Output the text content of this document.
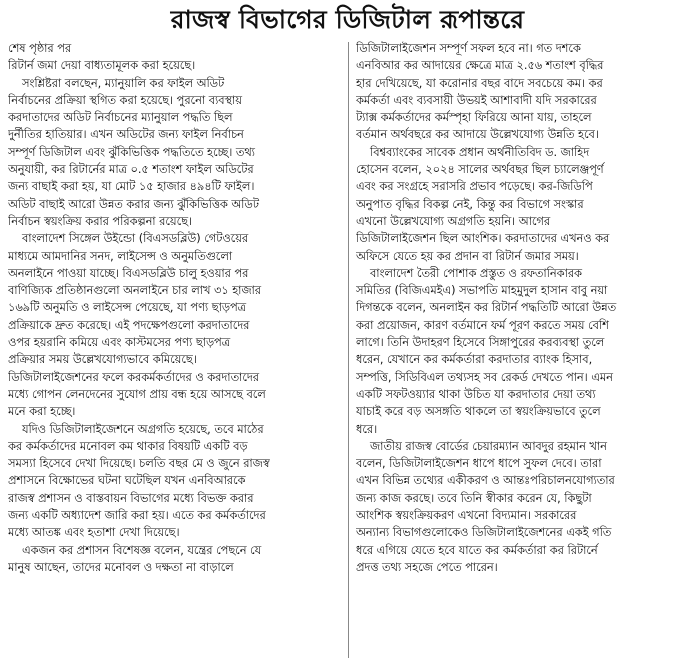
রাজস্ব বিভাগের ডিজিটাল রূপান্তরে
শেষ পৃষ্ঠার পর
রিটার্ন জমা দেয়া বাধ্যতামূলক করা হয়েছে।
সংশ্লিষ্টরা বলছেন, ম্যানুয়ালি কর ফাইল অডিট
নির্বাচনের প্রক্রিয়া স্থগিত করা হয়েছে। পুরনো ব্যবস্থায়
করদাতাদের অডিট নির্বাচনের ম্যানুয়াল পদ্ধতি ছিল
দুর্নীতির হাতিয়ার। এখন অডিটের জন্য ফাইল নির্বাচন
সম্পূর্ণ ডিজিটাল এবং ঝুঁকিভিত্তিক পদ্ধতিতে হচ্ছে। তথ্য
অনুযায়ী, কর রিটার্নের মাত্র ০.৫ শতাংশ ফাইল অডিটের
জন্য বাছাই করা হয়, যা মোট ১৫ হাজার ৪৯৪টি ফাইল।
অডিট বাছাই আরো উন্নত করার জন্য ঝুঁকিভিত্তিক অডিট
নির্বাচন স্বয়ংক্রিয় করার পরিকল্পনা রয়েছে।
বাংলাদেশ সিঙ্গেল উইন্ডো (বিএসডব্লিউ) গেটওয়ের
মাধ্যমে আমদানির সনদ, লাইসেন্স ও অনুমতিগুলো
অনলাইনে পাওয়া যাচ্ছে। বিএসডব্লিউ চালু হওয়ার পর
বাণিজ্যিক প্রতিষ্ঠানগুলো অনলাইনে চার লাখ ৩১ হাজার
১৬৯টি অনুমতি ও লাইসেন্স পেয়েছে, যা পণ্য ছাড়পত্র
প্রক্রিয়াকে দ্রুত করেছে। এই পদক্ষেপগুলো করদাতাদের
ওপর হয়রানি কমিয়ে এবং কাস্টমসের পণ্য ছাড়পত্র
প্রক্রিয়ার সময় উল্লেখযোগ্যভাবে কমিয়েছে।
ডিজিটালাইজেশনের ফলে করকর্মকর্তাদের ও করদাতাদের
মধ্যে গোপন লেনদেনের সুযোগ প্রায় বন্ধ হয়ে আসছে বলে
মনে করা হচ্ছে।
যদিও ডিজিটালাইজেশনে অগ্রগতি হয়েছে, তবে মাঠের
কর কর্মকর্তাদের মনোবল কম থাকার বিষয়টি একটি বড়
সমস্যা হিসেবে দেখা দিয়েছে। চলতি বছর মে ও জুনে রাজস্ব
প্রশাসনে বিক্ষোভের ঘটনা ঘটেছিল যখন এনবিআরকে
রাজস্ব প্রশাসন ও বাস্তবায়ন বিভাগের মধ্যে বিভক্ত করার
জন্য একটি অধ্যাদেশ জারি করা হয়। এতে কর কর্মকর্তাদের
মধ্যে আতঙ্ক এবং হতাশা দেখা দিয়েছে।
একজন কর প্রশাসন বিশেষজ্ঞ বলেন, যন্ত্রের পেছনে যে
মানুষ আছেন, তাদের মনোবল ও দক্ষতা না বাড়ালে
ডিজিটালাইজেশন সম্পূর্ণ সফল হবে না। গত দশকে
এনবিআর কর আদায়ের ক্ষেত্রে মাত্র ২.৫৬ শতাংশ বৃদ্ধির
হার দেখিয়েছে, যা করোনার বছর বাদে সবচেয়ে কম। কর
কর্মকর্তা এবং ব্যবসায়ী উভয়ই আশাবাদী যদি সরকারের
ট্যাক্স কর্মকর্তাদের কর্মস্পৃহা ফিরিয়ে আনা যায়, তাহলে
বর্তমান অর্থবছরে কর আদায়ে উল্লেখযোগ্য উন্নতি হবে।
বিশ্বব্যাংকের সাবেক প্রধান অর্থনীতিবিদ ড. জাহিদ
হোসেন বলেন, ২০২৪ সালের অর্থবছর ছিল চ্যালেঞ্জপূর্ণ
এবং কর সংগ্রহে সরাসরি প্রভাব পড়েছে। কর-জিডিপি
অনুপাত বৃদ্ধির বিকল্প নেই, কিন্তু কর বিভাগে সংস্কার
এখনো উল্লেখযোগ্য অগ্রগতি হয়নি। আগের
ডিজিটালাইজেশন ছিল আংশিক। করদাতাদের এখনও কর
অফিসে যেতে হয় কর প্রদান বা রিটার্ন জমার সময়।
বাংলাদেশ তৈরী পোশাক প্রস্তুত ও রফতানিকারক
সমিতির (বিজিএমইএ) সভাপতি মাহমুদুল হাসান বাবু নয়া
দিগন্তকে বলেন, অনলাইন কর রিটার্ন পদ্ধতিটি আরো উন্নত
করা প্রয়োজন, কারণ বর্তমানে ফর্ম পূরণ করতে সময় বেশি
লাগে। তিনি উদাহরণ হিসেবে সিঙ্গাপুরের করব্যবস্থা তুলে
ধরেন, যেখানে কর কর্মকর্তারা করদাতার ব্যাংক হিসাব,
সম্পত্তি, সিডিবিএল তথ্যসহ সব রেকর্ড দেখতে পান। এমন
একটি সফটওয়্যার থাকা উচিত যা করদাতার দেয়া তথ্য
যাচাই করে বড় অসঙ্গতি থাকলে তা স্বয়ংক্রিয়ভাবে তুলে
ধরে।
জাতীয় রাজস্ব বোর্ডের চেয়ারম্যান আবদুর রহমান খান
বলেন, ডিজিটালাইজেশন ধাপে ধাপে সুফল দেবে। তারা
এখন বিভিন্ন তথ্যের একীকরণ ও আন্তঃপরিচালনযোগ্যতার
জন্য কাজ করছে। তবে তিনি স্বীকার করেন যে, কিছুটা
আংশিক স্বয়ংক্রিয়করণ এখনো বিদ্যমান। সরকারের
অন্যান্য বিভাগগুলোকেও ডিজিটালাইজেশনের একই গতি
ধরে এগিয়ে যেতে হবে যাতে কর কর্মকর্তারা কর রিটার্নে
প্রদত্ত তথ্য সহজে পেতে পারেন।
